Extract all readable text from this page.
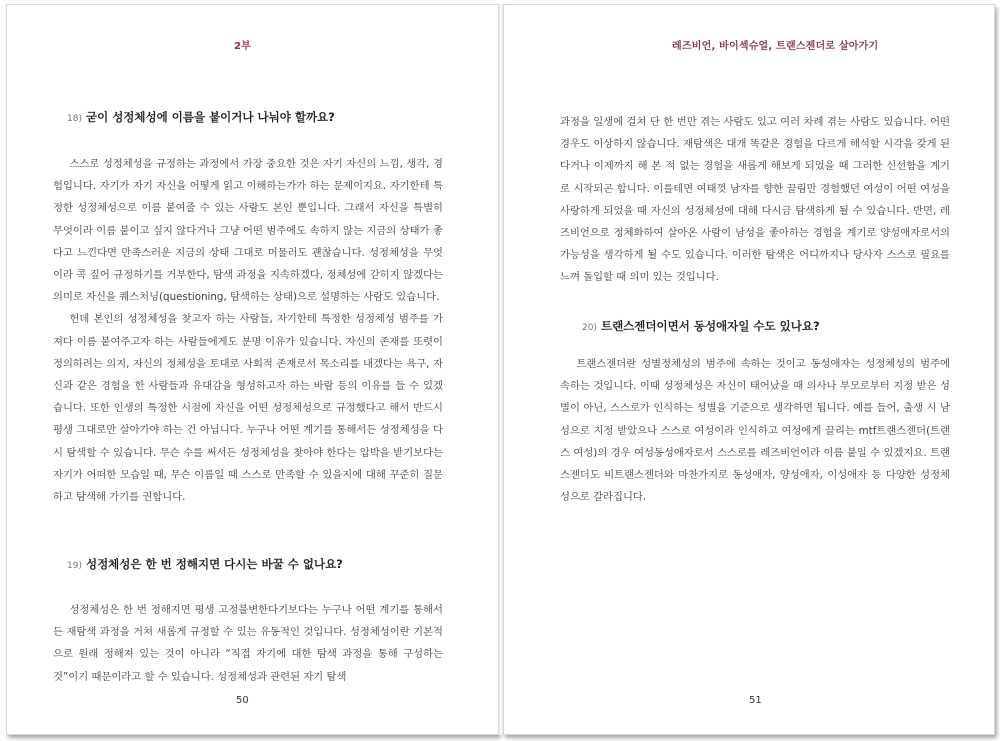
2부
18) 굳이 성정체성에 이름을 붙이거나 나눠야 할까요?

스스로 성정체성을 규정하는 과정에서 가장 중요한 것은 자기 자신의 느낌, 생각, 경험입니다. 자기가 자기 자신을 어떻게 읽고 이해하는가가 하는 문제이지요. 자기한테 특정한 성정체성으로 이름 붙여줄 수 있는 사람도 본인 뿐입니다. 그래서 자신을 특별히 무엇이라 이름 붙이고 싶지 않다거나 그냥 어떤 범주에도 속하지 않는 지금의 상태가 좋다고 느낀다면 만족스러운 지금의 상태 그대로 머물러도 괜찮습니다. 성정체성을 무엇이라 콕 짚어 규정하기를 거부한다, 탐색 과정을 지속하겠다, 정체성에 갇히지 않겠다는 의미로 자신을 퀘스처닝(questioning, 탐색하는 상태)으로 설명하는 사람도 있습니다.

헌데 본인의 성정체성을 찾고자 하는 사람들, 자기한테 특정한 성정체성 범주를 가져다 이름 붙여주고자 하는 사람들에게도 분명 이유가 있습니다. 자신의 존재를 또렷이 정의하려는 의지, 자신의 정체성을 토대로 사회적 존재로서 목소리를 내겠다는 욕구, 자신과 같은 경험을 한 사람들과 유대감을 형성하고자 하는 바람 등의 이유를 들 수 있겠습니다. 또한 인생의 특정한 시점에 자신을 어떤 성정체성으로 규정했다고 해서 반드시 평생 그대로만 살아가야 하는 건 아닙니다. 누구나 어떤 계기를 통해서든 성정체성을 다시 탐색할 수 있습니다. 무슨 수를 써서든 성정체성을 찾아야 한다는 압박을 받기보다는 자기가 어떠한 모습일 때, 무슨 이름일 때 스스로 만족할 수 있을지에 대해 꾸준히 질문하고 탐색해 가기를 권합니다.

19) 성정체성은 한 번 정해지면 다시는 바꿀 수 없나요?

성정체성은 한 번 정해지면 평생 고정불변한다기보다는 누구나 어떤 계기를 통해서든 재탐색 과정을 거쳐 새롭게 규정할 수 있는 유동적인 것입니다. 성정체성이란 기본적으로 원래 정해져 있는 것이 아니라 “직접 자기에 대한 탐색 과정을 통해 구성하는 것”이기 때문이라고 할 수 있습니다. 성정체성과 관련된 자기 탐색

50
레즈비언, 바이섹슈얼, 트랜스젠더로 살아가기

과정을 일생에 걸쳐 단 한 번만 겪는 사람도 있고 여러 차례 겪는 사람도 있습니다. 어떤 경우도 이상하지 않습니다. 재탐색은 대개 똑같은 경험을 다르게 해석할 시각을 갖게 된다거나 이제까지 해 본 적 없는 경험을 새롭게 해보게 되었을 때 그러한 신선함을 계기로 시작되곤 합니다. 이를테면 여태껏 남자를 향한 끌림만 경험했던 여성이 어떤 여성을 사랑하게 되었을 때 자신의 성정체성에 대해 다시금 탐색하게 될 수 있습니다. 반면, 레즈비언으로 정체화하여 살아온 사람이 남성을 좋아하는 경험을 계기로 양성애자로서의 가능성을 생각하게 될 수도 있습니다. 이러한 탐색은 어디까지나 당사자 스스로 필요를 느껴 돌입할 때 의미 있는 것입니다.

20) 트랜스젠더이면서 동성애자일 수도 있나요?

트랜스젠더란 성별정체성의 범주에 속하는 것이고 동성애자는 성정체성의 범주에 속하는 것입니다. 이때 성정체성은 자신이 태어났을 때 의사나 부모로부터 지정 받은 성별이 아닌, 스스로가 인식하는 성별을 기준으로 생각하면 됩니다. 예를 들어, 출생 시 남성으로 지정 받았으나 스스로 여성이라 인식하고 여성에게 끌리는 mtf트랜스젠더(트랜스 여성)의 경우 여성동성애자로서 스스로를 레즈비언이라 이름 붙일 수 있겠지요. 트랜스젠더도 비트랜스젠더와 마찬가지로 동성애자, 양성애자, 이성애자 등 다양한 성정체성으로 갈라집니다.

51
